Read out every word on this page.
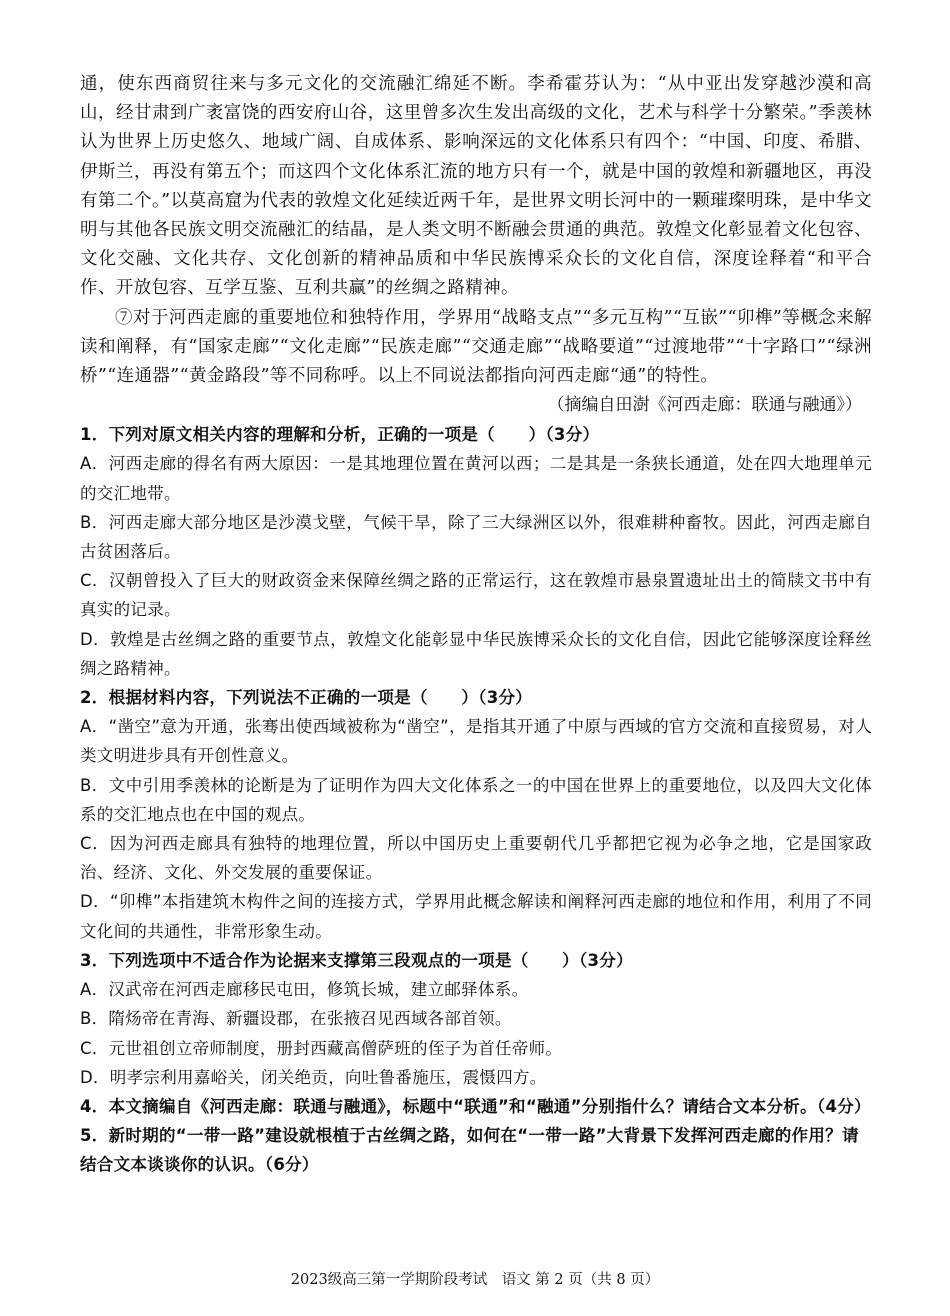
通，使东西商贸往来与多元文化的交流融汇绵延不断。李希霍芬认为：“从中亚出发穿越沙漠和高山，经甘肃到广袤富饶的西安府山谷，这里曾多次生发出高级的文化，艺术与科学十分繁荣。”季羡林认为世界上历史悠久、地域广阔、自成体系、影响深远的文化体系只有四个：“中国、印度、希腊、伊斯兰，再没有第五个；而这四个文化体系汇流的地方只有一个，就是中国的敦煌和新疆地区，再没有第二个。”以莫高窟为代表的敦煌文化延续近两千年，是世界文明长河中的一颗璀璨明珠，是中华文明与其他各民族文明交流融汇的结晶，是人类文明不断融会贯通的典范。敦煌文化彰显着文化包容、文化交融、文化共存、文化创新的精神品质和中华民族博采众长的文化自信，深度诠释着“和平合作、开放包容、互学互鉴、互利共赢”的丝绸之路精神。

⑦对于河西走廊的重要地位和独特作用，学界用“战略支点”“多元互构”“互嵌”“卯榫”等概念来解读和阐释，有“国家走廊”“文化走廊”“民族走廊”“交通走廊”“战略要道”“过渡地带”“十字路口”“绿洲桥”“连通器”“黄金路段”等不同称呼。以上不同说法都指向河西走廊“通”的特性。

（摘编自田澍《河西走廊：联通与融通》）

1．下列对原文相关内容的理解和分析，正确的一项是（　　）（3分）

A．河西走廊的得名有两大原因：一是其地理位置在黄河以西；二是其是一条狭长通道，处在四大地理单元的交汇地带。

B．河西走廊大部分地区是沙漠戈壁，气候干旱，除了三大绿洲区以外，很难耕种畜牧。因此，河西走廊自古贫困落后。

C．汉朝曾投入了巨大的财政资金来保障丝绸之路的正常运行，这在敦煌市悬泉置遗址出土的简牍文书中有真实的记录。

D．敦煌是古丝绸之路的重要节点，敦煌文化能彰显中华民族博采众长的文化自信，因此它能够深度诠释丝绸之路精神。

2．根据材料内容，下列说法不正确的一项是（　　）（3分）

A．“凿空”意为开通，张骞出使西域被称为“凿空”，是指其开通了中原与西域的官方交流和直接贸易，对人类文明进步具有开创性意义。

B．文中引用季羡林的论断是为了证明作为四大文化体系之一的中国在世界上的重要地位，以及四大文化体系的交汇地点也在中国的观点。

C．因为河西走廊具有独特的地理位置，所以中国历史上重要朝代几乎都把它视为必争之地，它是国家政治、经济、文化、外交发展的重要保证。

D．“卯榫”本指建筑木构件之间的连接方式，学界用此概念解读和阐释河西走廊的地位和作用，利用了不同文化间的共通性，非常形象生动。

3．下列选项中不适合作为论据来支撑第三段观点的一项是（　　）（3分）

A．汉武帝在河西走廊移民屯田，修筑长城，建立邮驿体系。

B．隋炀帝在青海、新疆设郡，在张掖召见西域各部首领。

C．元世祖创立帝师制度，册封西藏高僧萨班的侄子为首任帝师。

D．明孝宗利用嘉峪关，闭关绝贡，向吐鲁番施压，震慑四方。

4．本文摘编自《河西走廊：联通与融通》，标题中“联通”和“融通”分别指什么？请结合文本分析。（4分）

5．新时期的“一带一路”建设就根植于古丝绸之路，如何在“一带一路”大背景下发挥河西走廊的作用？请结合文本谈谈你的认识。（6分）

2023级高三第一学期阶段考试　语文 第 2 页（共 8 页）
